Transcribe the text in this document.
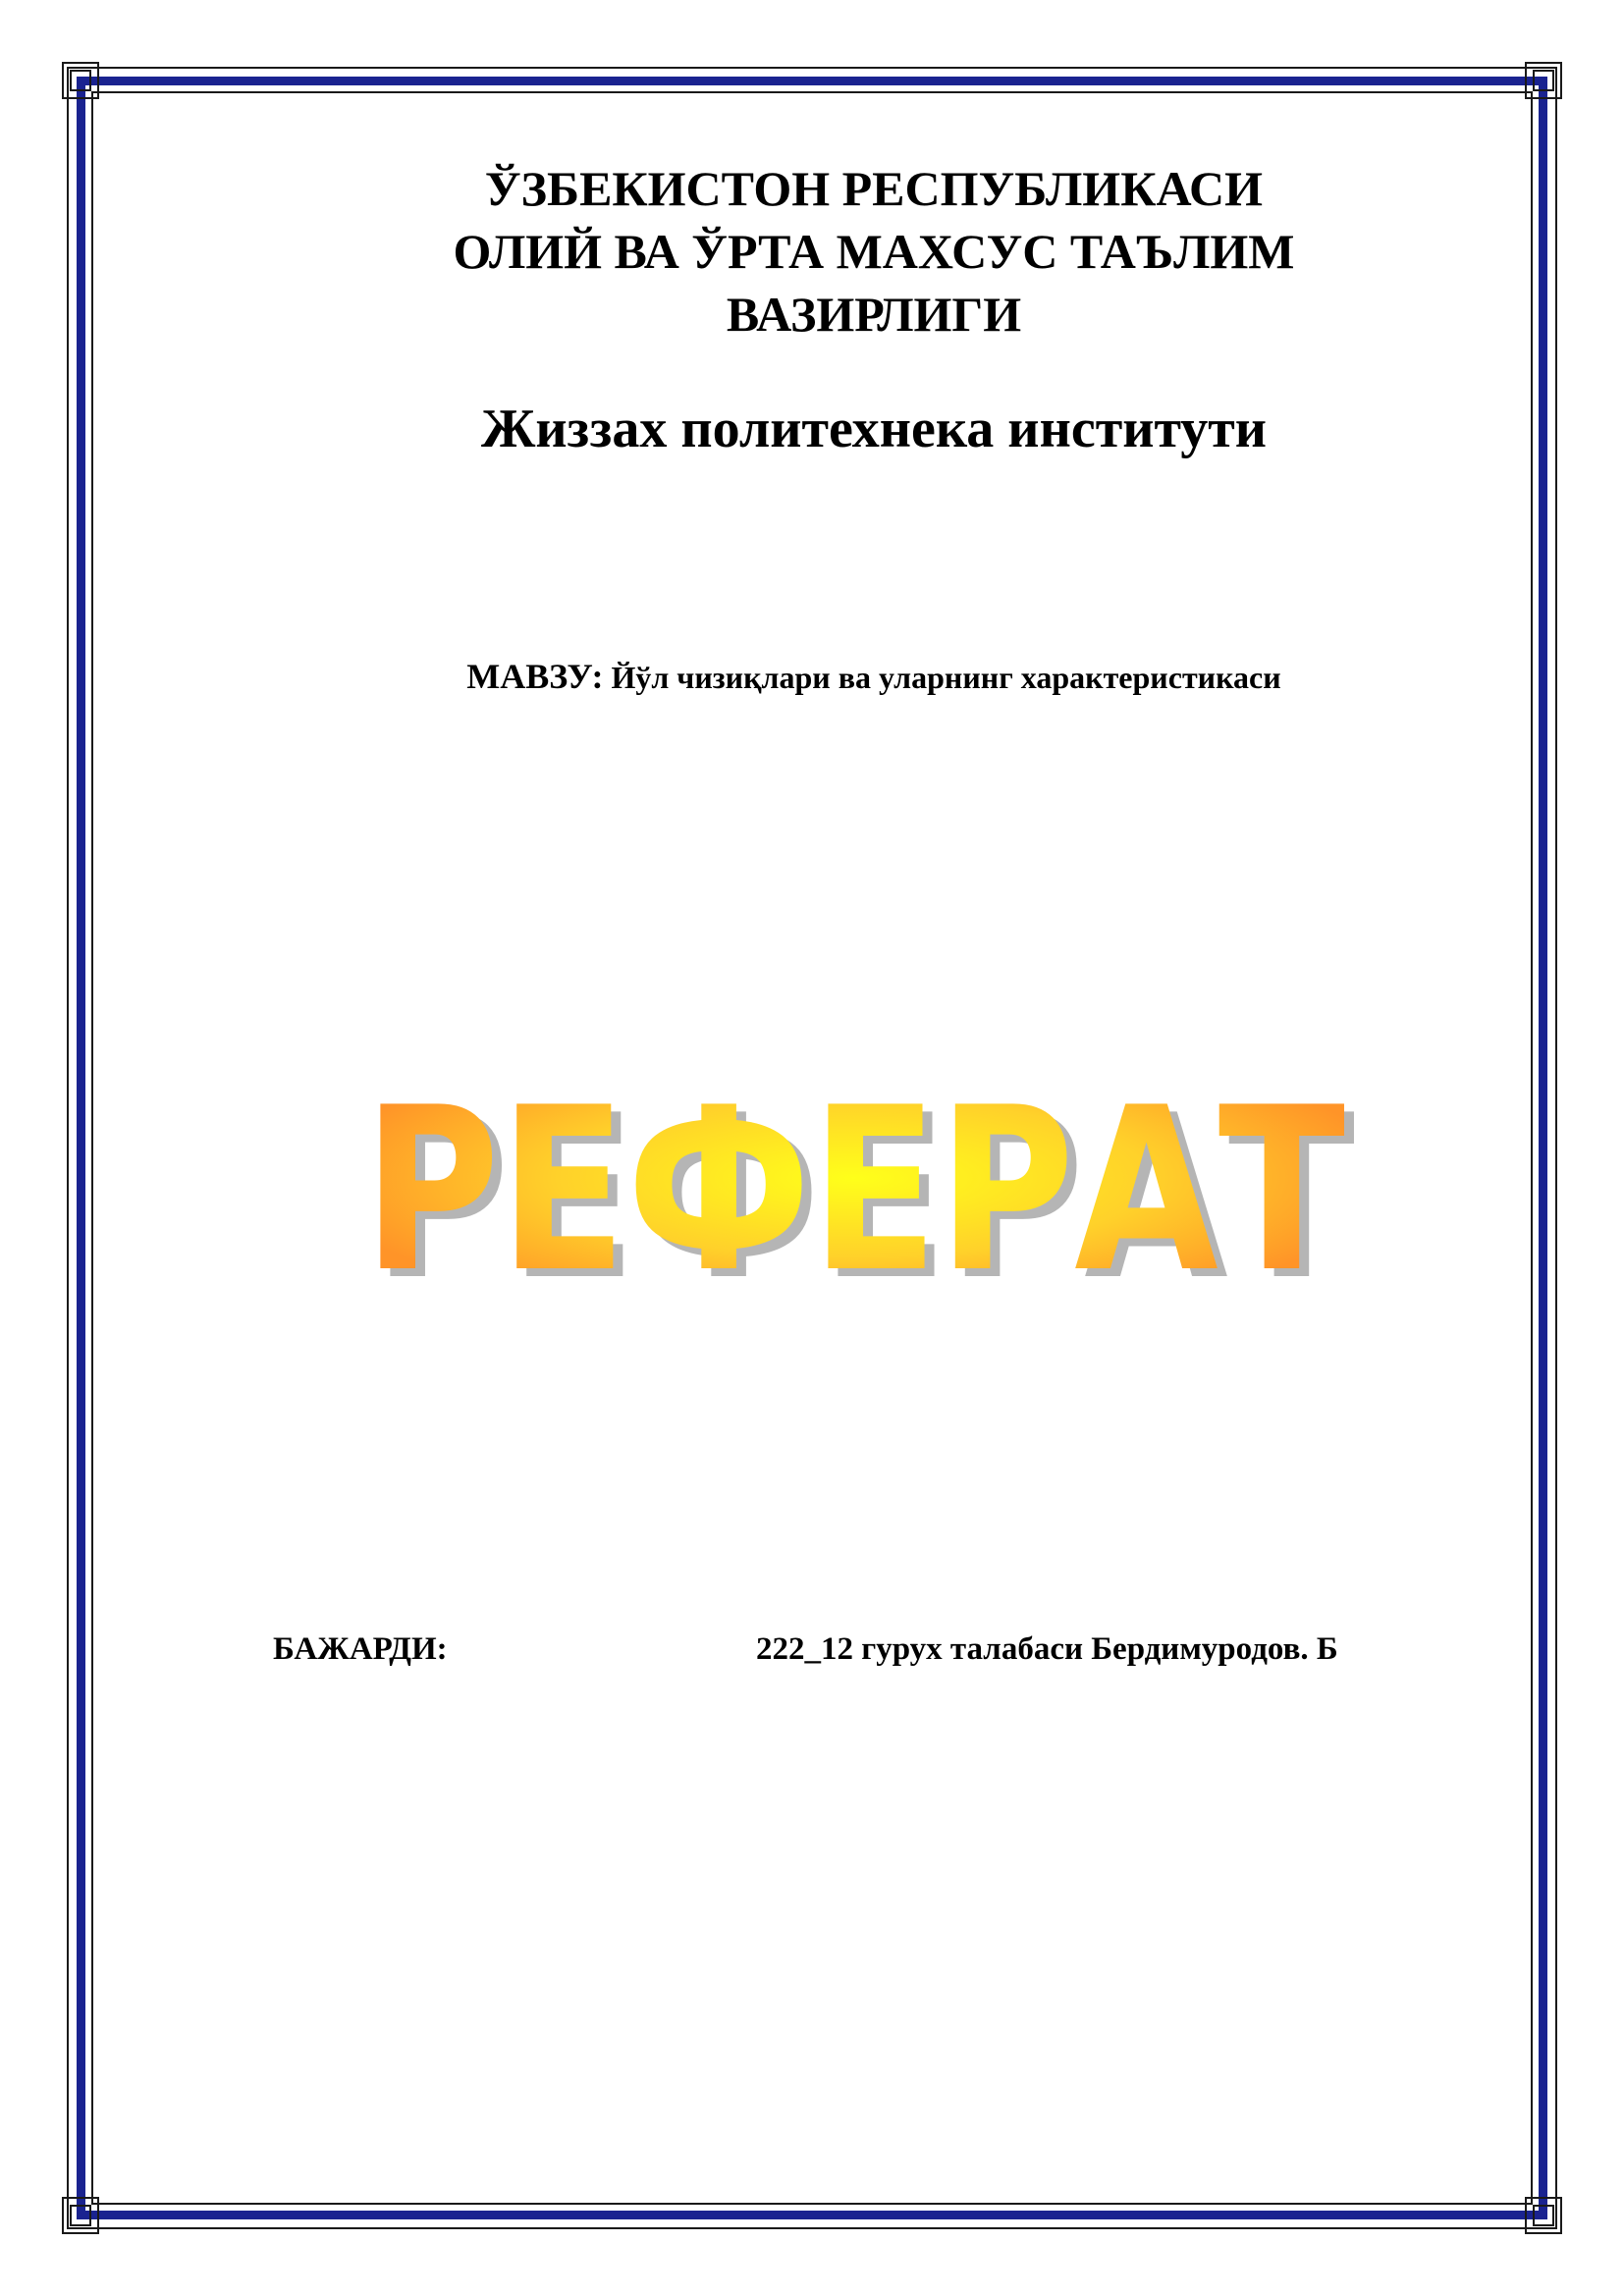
ЎЗБЕКИСТОН РЕСПУБЛИКАСИ
ОЛИЙ ВА ЎРТА МАХСУС ТАЪЛИМ
ВАЗИРЛИГИ
Жиззах политехнека институти
МАВЗУ: Йўл чизиқлари ва уларнинг характеристикаси
РЕФЕРАТ
РЕФЕРАТ
БАЖАРДИ:	222_12 гурух талабаси Бердимуродов. Б
